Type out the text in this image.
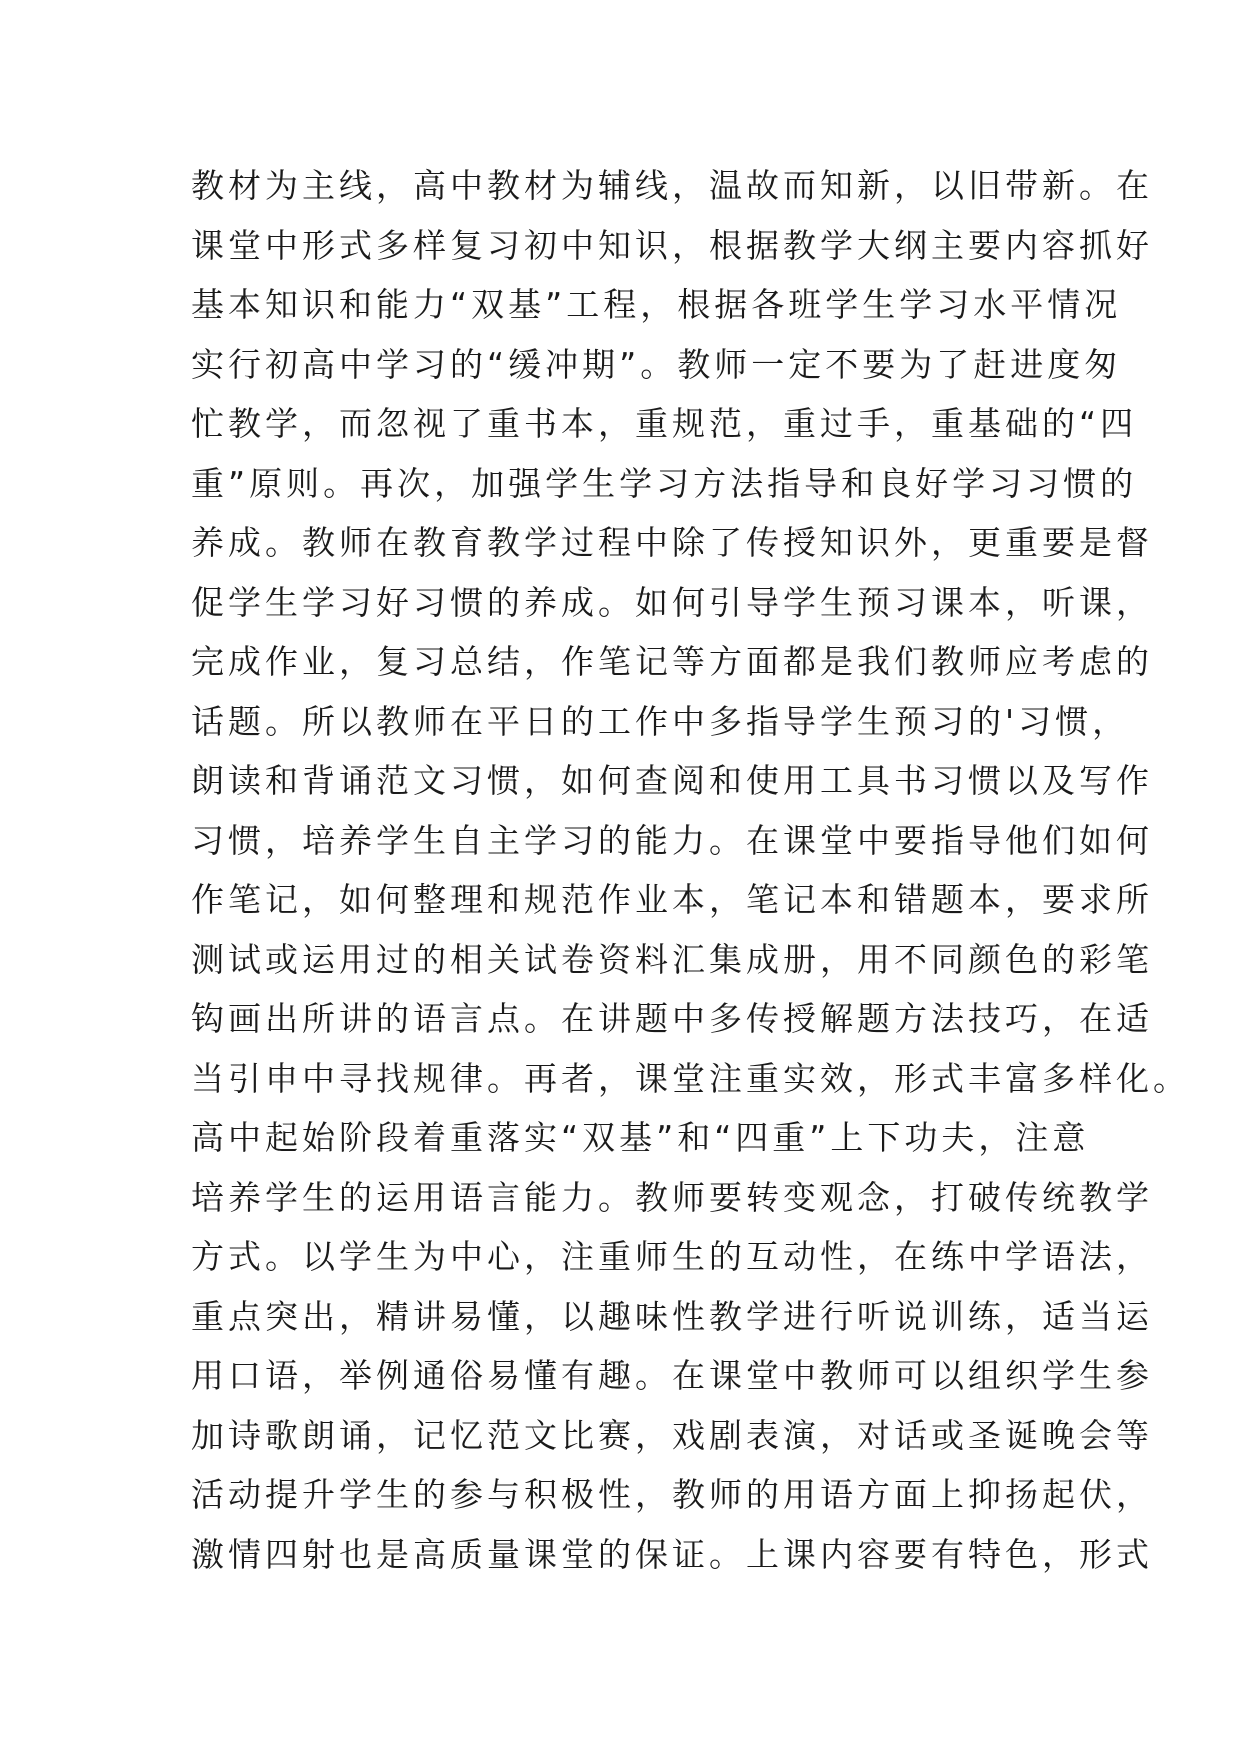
教材为主线，高中教材为辅线，温故而知新，以旧带新。在
课堂中形式多样复习初中知识，根据教学大纲主要内容抓好
基本知识和能力“双基”工程，根据各班学生学习水平情况
实行初高中学习的“缓冲期”。教师一定不要为了赶进度匆
忙教学，而忽视了重书本，重规范，重过手，重基础的“四
重”原则。再次，加强学生学习方法指导和良好学习习惯的
养成。教师在教育教学过程中除了传授知识外，更重要是督
促学生学习好习惯的养成。如何引导学生预习课本，听课，
完成作业，复习总结，作笔记等方面都是我们教师应考虑的
话题。所以教师在平日的工作中多指导学生预习的'习惯，
朗读和背诵范文习惯，如何查阅和使用工具书习惯以及写作
习惯，培养学生自主学习的能力。在课堂中要指导他们如何
作笔记，如何整理和规范作业本，笔记本和错题本，要求所
测试或运用过的相关试卷资料汇集成册，用不同颜色的彩笔
钩画出所讲的语言点。在讲题中多传授解题方法技巧，在适
当引申中寻找规律。再者，课堂注重实效，形式丰富多样化。
高中起始阶段着重落实“双基”和“四重”上下功夫，注意
培养学生的运用语言能力。教师要转变观念，打破传统教学
方式。以学生为中心，注重师生的互动性，在练中学语法，
重点突出，精讲易懂，以趣味性教学进行听说训练，适当运
用口语，举例通俗易懂有趣。在课堂中教师可以组织学生参
加诗歌朗诵，记忆范文比赛，戏剧表演，对话或圣诞晚会等
活动提升学生的参与积极性，教师的用语方面上抑扬起伏，
激情四射也是高质量课堂的保证。上课内容要有特色，形式
